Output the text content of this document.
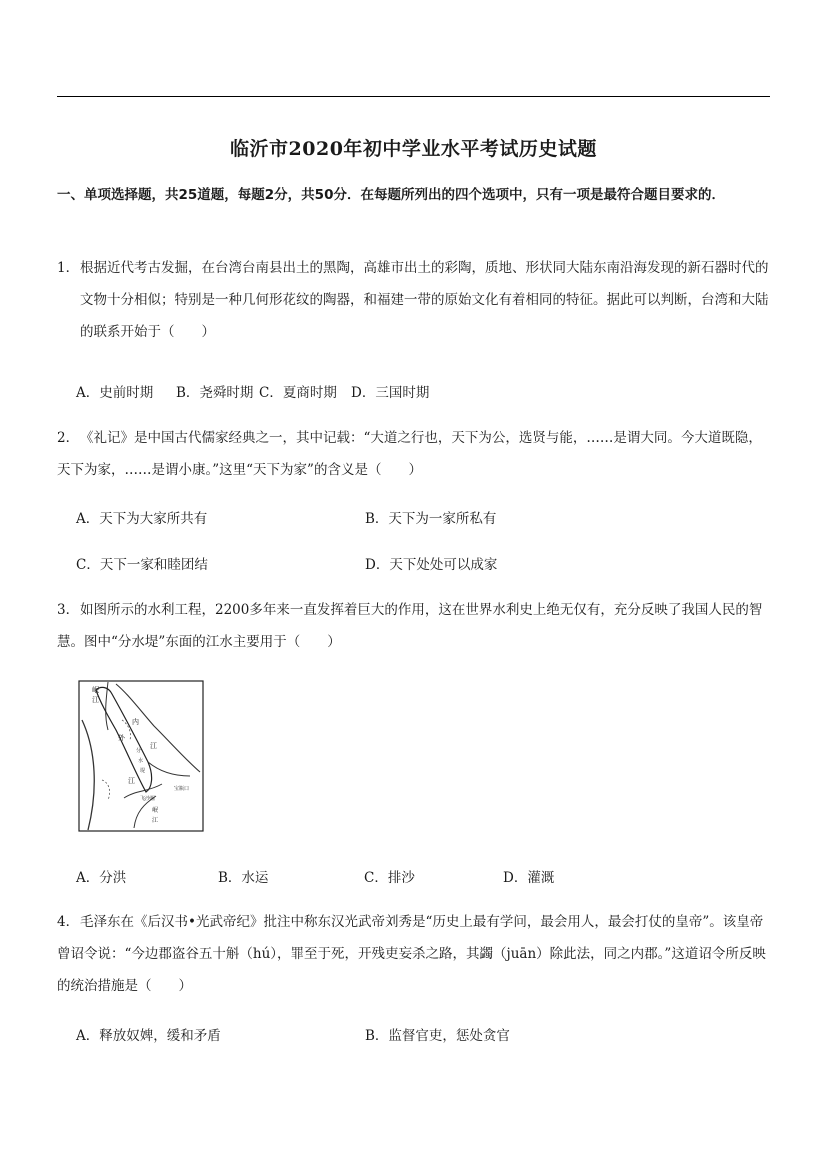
临沂市2020年初中学业水平考试历史试题
一、单项选择题，共25道题，每题2分，共50分．在每题所列出的四个选项中，只有一项是最符合题目要求的．
1． 根据近代考古发掘，在台湾台南县出土的黑陶，高雄市出土的彩陶，质地、形状同大陆东南沿海发现的新石器时代的文物十分相似；特别是一种几何形花纹的陶器，和福建一带的原始文化有着相同的特征。据此可以判断，台湾和大陆的联系开始于（　　）
A．史前时期 B．尧舜时期 C．夏商时期 D．三国时期
2． 《礼记》是中国古代儒家经典之一，其中记载：“大道之行也，天下为公，选贤与能，……是谓大同。今大道既隐，天下为家，……是谓小康。”这里“天下为家”的含义是（　　）
A．天下为大家所共有	B．天下为一家所私有
C．天下一家和睦团结	D．天下处处可以成家
3． 如图所示的水利工程，2200多年来一直发挥着巨大的作用，这在世界水利史上绝无仅有，充分反映了我国人民的智慧。图中“分水堤”东面的江水主要用于（　　）
岷
江
内
外
江
分
水
堤
江
飞沙堰
宝瓶口
岷
江
A．分洪	B．水运	C．排沙	D．灌溉
4． 毛泽东在《后汉书•光武帝纪》批注中称东汉光武帝刘秀是“历史上最有学问，最会用人，最会打仗的皇帝”。该皇帝曾诏令说：“今边郡盗谷五十斛（hú），罪至于死，开残吏妄杀之路，其蠲（juān）除此法，同之内郡。”这道诏令所反映的统治措施是（　　）
A．释放奴婢，缓和矛盾	B．监督官吏，惩处贪官
